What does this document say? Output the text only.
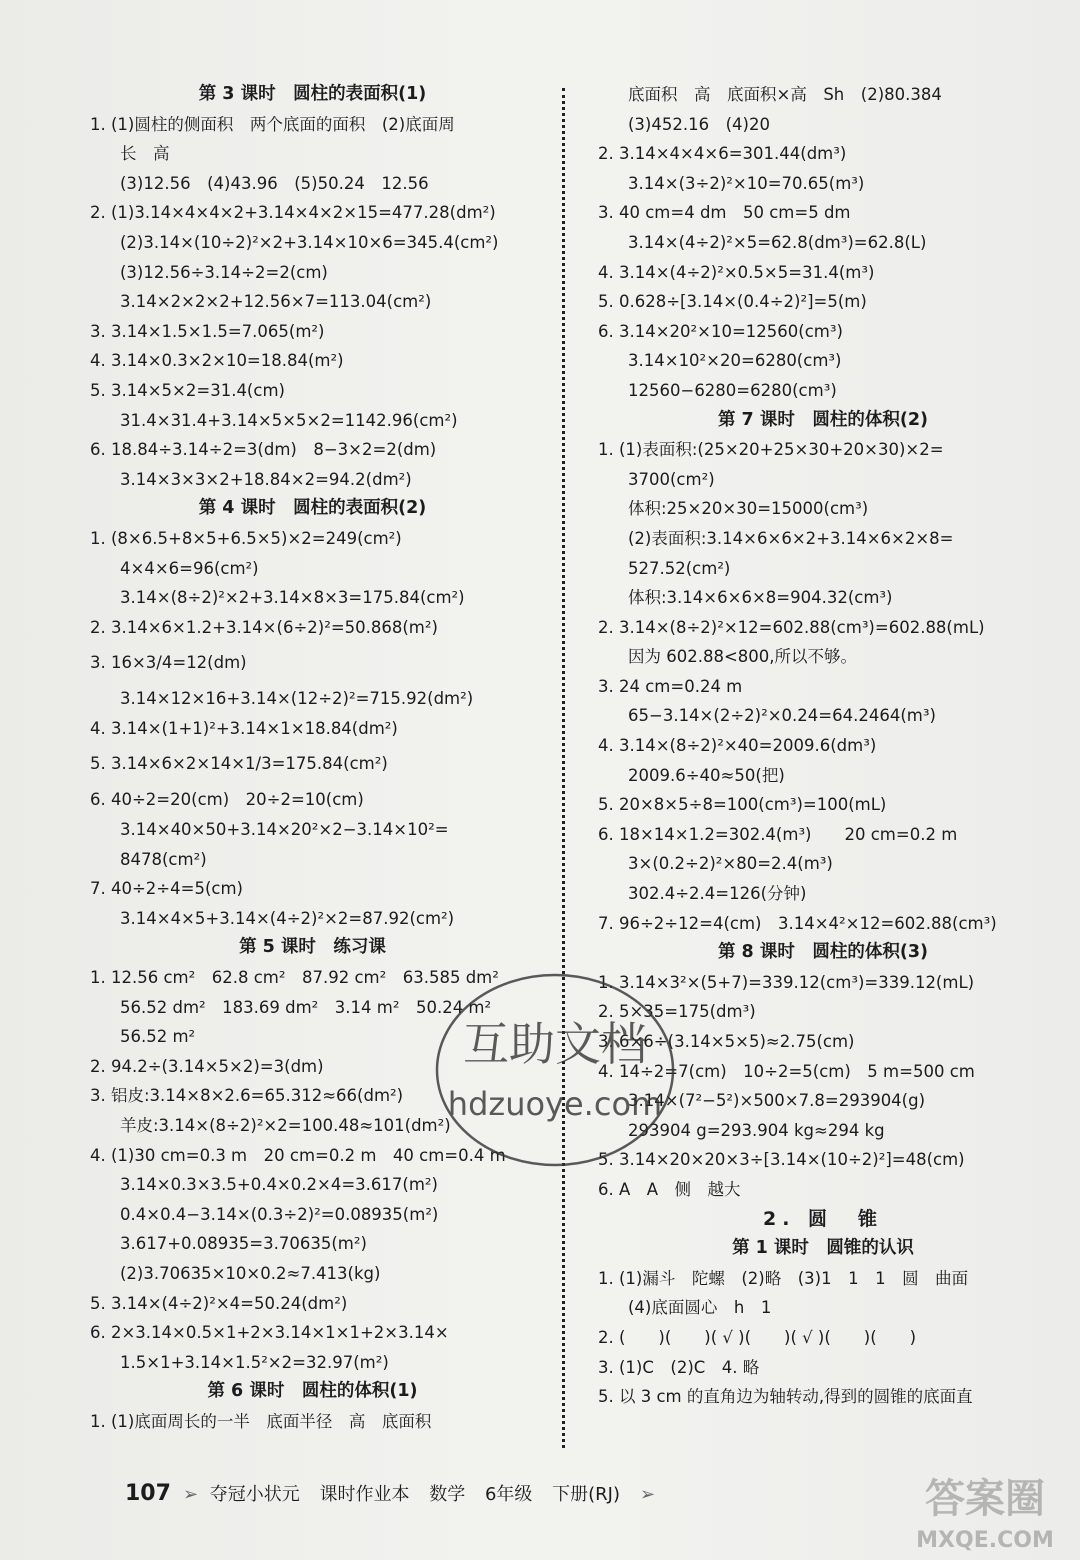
第 3 课时　圆柱的表面积(1)
1. (1)圆柱的侧面积　两个底面的面积　(2)底面周
长　高
(3)12.56　(4)43.96　(5)50.24　12.56
2. (1)3.14×4×4×2+3.14×4×2×15=477.28(dm²)
(2)3.14×(10÷2)²×2+3.14×10×6=345.4(cm²)
(3)12.56÷3.14÷2=2(cm)
3.14×2×2×2+12.56×7=113.04(cm²)
3. 3.14×1.5×1.5=7.065(m²)
4. 3.14×0.3×2×10=18.84(m²)
5. 3.14×5×2=31.4(cm)
31.4×31.4+3.14×5×5×2=1142.96(cm²)
6. 18.84÷3.14÷2=3(dm)　8−3×2=2(dm)
3.14×3×3×2+18.84×2=94.2(dm²)
第 4 课时　圆柱的表面积(2)
1. (8×6.5+8×5+6.5×5)×2=249(cm²)
4×4×6=96(cm²)
3.14×(8÷2)²×2+3.14×8×3=175.84(cm²)
2. 3.14×6×1.2+3.14×(6÷2)²=50.868(m²)
3. 16×3/4=12(dm)
3.14×12×16+3.14×(12÷2)²=715.92(dm²)
4. 3.14×(1+1)²+3.14×1×18.84(dm²)
5. 3.14×6×2×14×1/3=175.84(cm²)
6. 40÷2=20(cm)　20÷2=10(cm)
3.14×40×50+3.14×20²×2−3.14×10²=
8478(cm²)
7. 40÷2÷4=5(cm)
3.14×4×5+3.14×(4÷2)²×2=87.92(cm²)
第 5 课时　练习课
1. 12.56 cm²　62.8 cm²　87.92 cm²　63.585 dm²
56.52 dm²　183.69 dm²　3.14 m²　50.24 m²
56.52 m²
2. 94.2÷(3.14×5×2)=3(dm)
3. 铝皮:3.14×8×2.6=65.312≈66(dm²)
羊皮:3.14×(8÷2)²×2=100.48≈101(dm²)
4. (1)30 cm=0.3 m　20 cm=0.2 m　40 cm=0.4 m
3.14×0.3×3.5+0.4×0.2×4=3.617(m²)
0.4×0.4−3.14×(0.3÷2)²=0.08935(m²)
3.617+0.08935=3.70635(m²)
(2)3.70635×10×0.2≈7.413(kg)
5. 3.14×(4÷2)²×4=50.24(dm²)
6. 2×3.14×0.5×1+2×3.14×1×1+2×3.14×
1.5×1+3.14×1.5²×2=32.97(m²)
第 6 课时　圆柱的体积(1)
1. (1)底面周长的一半　底面半径　高　底面积
底面积　高　底面积×高　Sh　(2)80.384
(3)452.16　(4)20
2. 3.14×4×4×6=301.44(dm³)
3.14×(3÷2)²×10=70.65(m³)
3. 40 cm=4 dm　50 cm=5 dm
3.14×(4÷2)²×5=62.8(dm³)=62.8(L)
4. 3.14×(4÷2)²×0.5×5=31.4(m³)
5. 0.628÷[3.14×(0.4÷2)²]=5(m)
6. 3.14×20²×10=12560(cm³)
3.14×10²×20=6280(cm³)
12560−6280=6280(cm³)
第 7 课时　圆柱的体积(2)
1. (1)表面积:(25×20+25×30+20×30)×2=
3700(cm²)
体积:25×20×30=15000(cm³)
(2)表面积:3.14×6×6×2+3.14×6×2×8=
527.52(cm²)
体积:3.14×6×6×8=904.32(cm³)
2. 3.14×(8÷2)²×12=602.88(cm³)=602.88(mL)
因为 602.88<800,所以不够。
3. 24 cm=0.24 m
65−3.14×(2÷2)²×0.24=64.2464(m³)
4. 3.14×(8÷2)²×40=2009.6(dm³)
2009.6÷40≈50(把)
5. 20×8×5÷8=100(cm³)=100(mL)
6. 18×14×1.2=302.4(m³)　　20 cm=0.2 m
3×(0.2÷2)²×80=2.4(m³)
302.4÷2.4=126(分钟)
7. 96÷2÷12=4(cm)　3.14×4²×12=602.88(cm³)
第 8 课时　圆柱的体积(3)
1. 3.14×3²×(5+7)=339.12(cm³)=339.12(mL)
2. 5×35=175(dm³)
3. 6×6÷(3.14×5×5)≈2.75(cm)
4. 14÷2=7(cm)　10÷2=5(cm)　5 m=500 cm
3.14×(7²−5²)×500×7.8=293904(g)
293904 g=293.904 kg≈294 kg
5. 3.14×20×20×3÷[3.14×(10÷2)²]=48(cm)
6. A　A　侧　越大
2. 圆　锥
第 1 课时　圆锥的认识
1. (1)漏斗　陀螺　(2)略　(3)1　1　1　圆　曲面
(4)底面圆心　h　1
2. (　　)(　　)( √ )(　　)( √ )(　　)(　　)
3. (1)C　(2)C　4. 略
5. 以 3 cm 的直角边为轴转动,得到的圆锥的底面直
107 ➢ 夺冠小状元 课时作业本 数学 6年级 下册(RJ) ➢
互助文档
hdzuoye.com
答案圈
MXQE.COM
